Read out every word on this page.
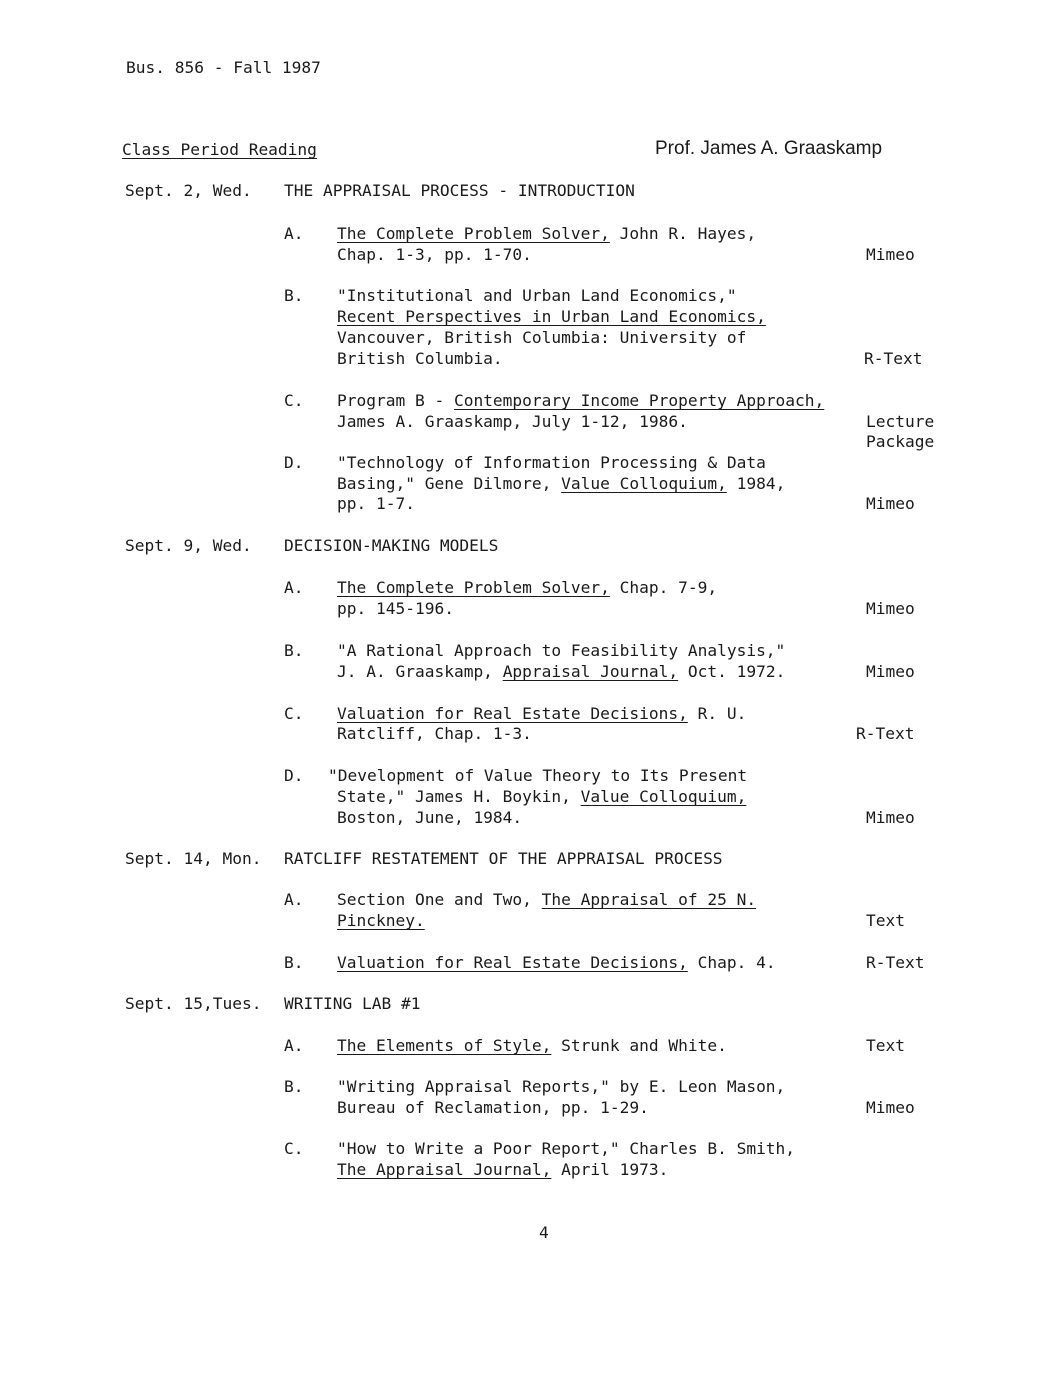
Bus. 856 - Fall 1987
Class Period Reading	Prof. James A. Graaskamp
Sept. 2, Wed. THE APPRAISAL PROCESS - INTRODUCTION
A. The Complete Problem Solver, John R. Hayes,
Chap. 1-3, pp. 1-70.	Mimeo
B. "Institutional and Urban Land Economics,"
Recent Perspectives in Urban Land Economics,
Vancouver, British Columbia: University of
British Columbia.	R-Text
C. Program B - Contemporary Income Property Approach,
James A. Graaskamp, July 1-12, 1986.	Lecture
Package
D. "Technology of Information Processing & Data
Basing," Gene Dilmore, Value Colloquium, 1984,
pp. 1-7.	Mimeo
Sept. 9, Wed. DECISION-MAKING MODELS
A. The Complete Problem Solver, Chap. 7-9,
pp. 145-196.	Mimeo
B. "A Rational Approach to Feasibility Analysis,"
J. A. Graaskamp, Appraisal Journal, Oct. 1972.	Mimeo
C. Valuation for Real Estate Decisions, R. U.
Ratcliff, Chap. 1-3.	R-Text
D. "Development of Value Theory to Its Present
State," James H. Boykin, Value Colloquium,
Boston, June, 1984.	Mimeo
Sept. 14, Mon. RATCLIFF RESTATEMENT OF THE APPRAISAL PROCESS
A. Section One and Two, The Appraisal of 25 N.
Pinckney.	Text
B. Valuation for Real Estate Decisions, Chap. 4.	R-Text
Sept. 15,Tues. WRITING LAB #1
A. The Elements of Style, Strunk and White.	Text
B. "Writing Appraisal Reports," by E. Leon Mason,
Bureau of Reclamation, pp. 1-29.	Mimeo
C. "How to Write a Poor Report," Charles B. Smith,
The Appraisal Journal, April 1973.
4
